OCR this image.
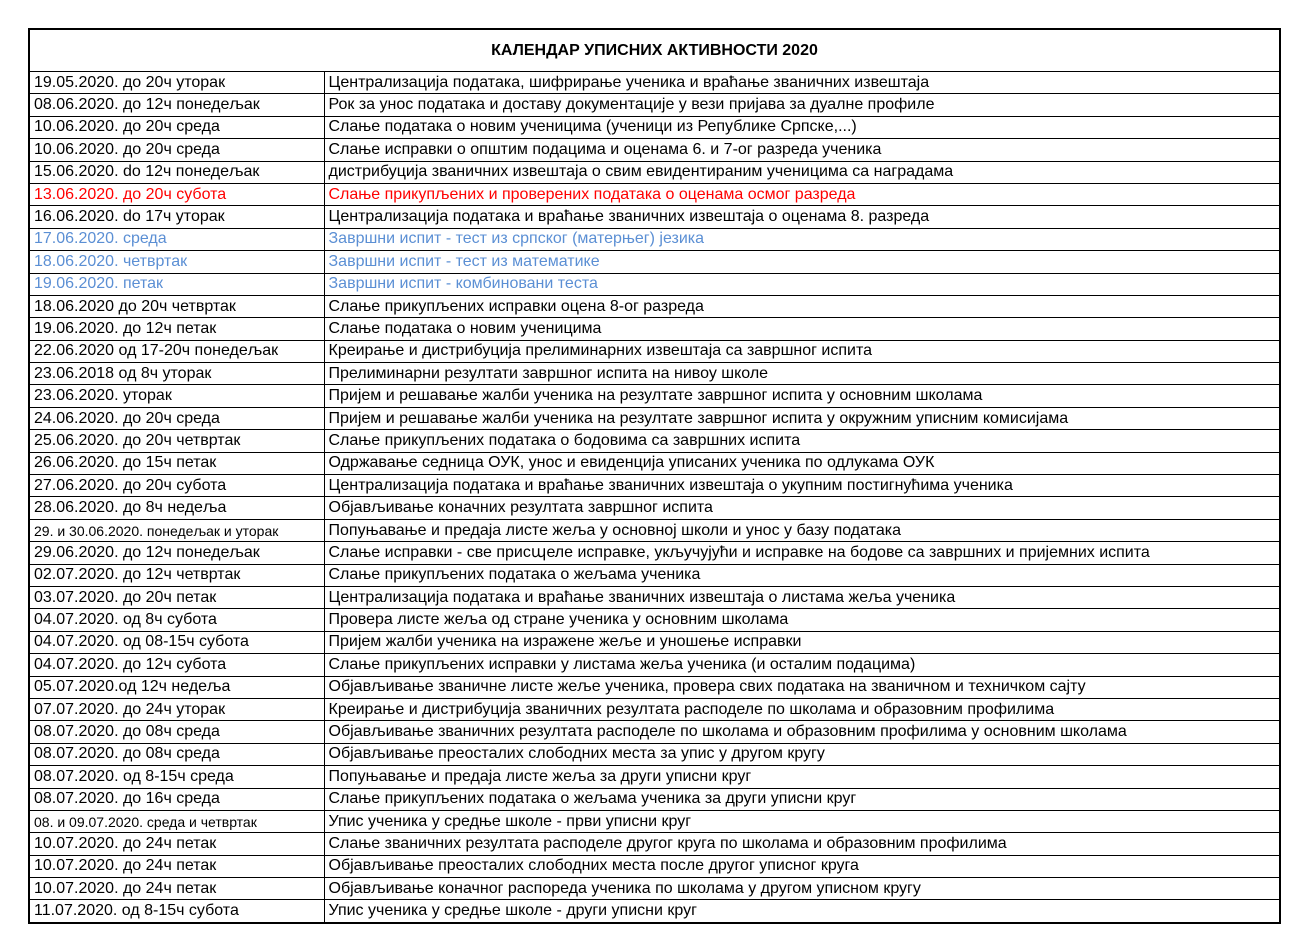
КАЛЕНДАР УПИСНИХ АКТИВНОСТИ 2020	
19.05.2020. до 20ч уторак	Централизација података, шифрирање ученика и враћање званичних извештаја
08.06.2020. до 12ч понедељак	Рок за унос података и доставу документације у вези пријава за дуалне профиле
10.06.2020. до 20ч среда	Слање података о новим ученицима (ученици из Републике Српске,...)
10.06.2020. до 20ч среда	Слање исправки о општим подацима и оценама 6. и 7-ог разреда ученика
15.06.2020. do 12ч понедељак	дистрибуција званичних извештаја о свим евидентираним ученицима са наградама
13.06.2020. до 20ч субота	Слање прикупљених и проверених података о оценама осмог разреда
16.06.2020. do 17ч уторак	Централизација података и враћање званичних извештаја о оценама 8. разреда
17.06.2020. среда	Завршни испит - тест из српског (матерњег) језика
18.06.2020. четвртак	Завршни испит - тест из математике
19.06.2020. петак	Завршни испит - комбиновани теста
18.06.2020 до 20ч четвртак	Слање прикупљених исправки оцена 8-ог разреда
19.06.2020. до 12ч петак	Слање података о новим ученицима
22.06.2020 од 17-20ч понедељак	Креирање и дистрибуција прелиминарних извештаја са завршног испита
23.06.2018 од 8ч уторак	Прелиминарни резултати завршног испита на нивоу школе
23.06.2020. уторак	Пријем и решавање жалби ученика на резултате завршног испита у основним школама
24.06.2020. до 20ч среда	Пријем и решавање жалби ученика на резултате завршног испита у окружним уписним комисијама
25.06.2020. до 20ч четвртак	Слање прикупљених података о бодовима са завршних испита
26.06.2020. до 15ч петак	Одржавање седница ОУК, унос и евиденција уписаних ученика по одлукама ОУК
27.06.2020. до 20ч субота	Централизација података и враћање званичних извештаја о укупним постигнућима ученика
28.06.2020. до 8ч недеља	Објављивање коначних резултата завршног испита
29. и 30.06.2020. понедељак и уторак	Попуњавање и предаја листе жеља у основној школи и унос у базу података
29.06.2020. до 12ч понедељак	Слање исправки - све присպеле исправке, укључујући и исправке на бодове са завршних и пријемних испита
02.07.2020. до 12ч четвртак	Слање прикупљених података о жељама ученика
03.07.2020. до 20ч петак	Централизација података и враћање званичних извештаја о листама жеља ученика
04.07.2020. од 8ч субота	Провера листе жеља од стране ученика у основним школама
04.07.2020. од 08-15ч субота	Пријем жалби ученика на изражене жеље и уношење исправки
04.07.2020. до 12ч субота	Слање прикупљених исправки у листама жеља ученика (и осталим подацима)
05.07.2020.од 12ч недеља	Објављивање званичне листе жеље ученика, провера свих података на званичном и техничком сајту
07.07.2020. до 24ч уторак	Креирање и дистрибуција званичних резултата расподеле по школама и образовним профилима
08.07.2020. до 08ч среда	Објављивање званичних резултата расподеле по школама и образовним профилима у основним школама
08.07.2020. до 08ч среда	Објављивање преосталих слободних места за упис у другом кругу
08.07.2020. од 8-15ч среда	Попуњавање и предаја листе жеља за други уписни круг
08.07.2020. до 16ч среда	Слање прикупљених података о жељама ученика за други уписни круг
08. и 09.07.2020. среда и четвртак	Упис ученика у средње школе - први уписни круг
10.07.2020. до 24ч петак	Слање званичних резултата расподеле другог круга по школама и образовним профилима
10.07.2020. до 24ч петак	Објављивање преосталих слободних места после другог уписног круга
10.07.2020. до 24ч петак	Објављивање коначног распореда ученика по школама у другом уписном кругу
11.07.2020. од 8-15ч субота	Упис ученика у средње школе - други уписни круг
